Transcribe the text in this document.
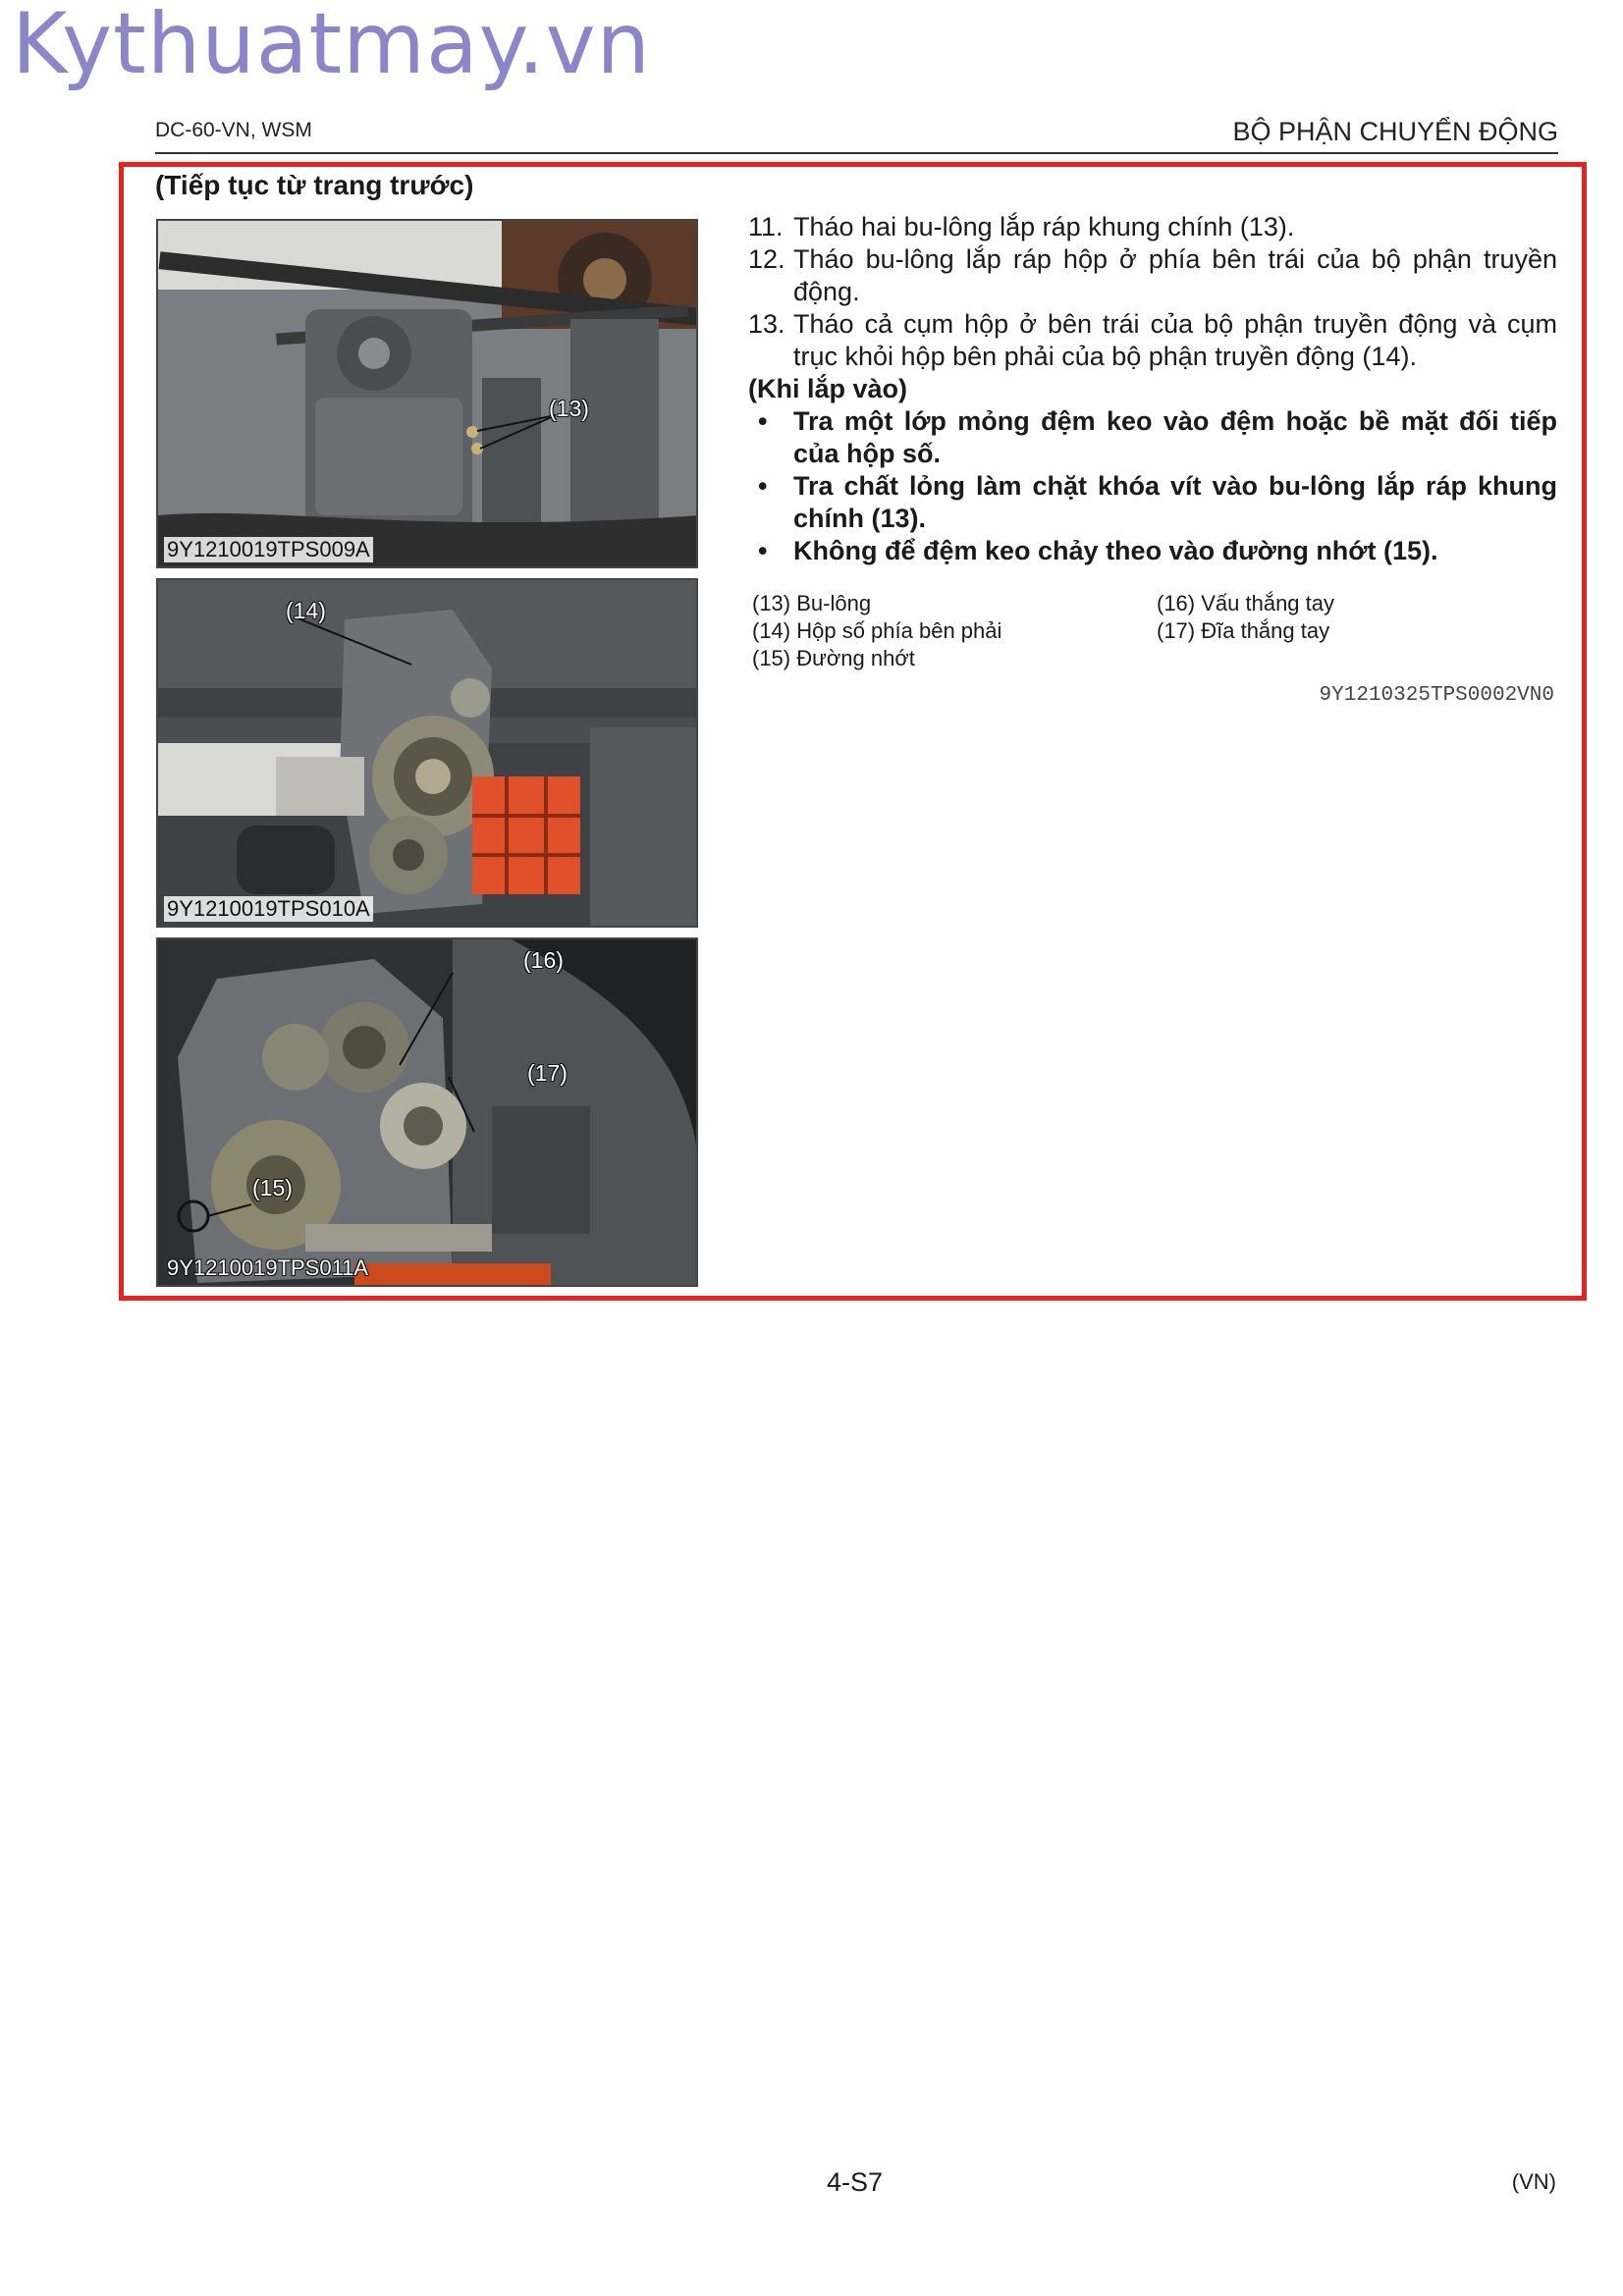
Kythuatmay.vn
DC-60-VN, WSM	BỘ PHẬN CHUYỂN ĐỘNG
(Tiếp tục từ trang trước)
(13)
9Y1210019TPS009A
(14)
9Y1210019TPS010A
(16)
(17)
(15)
9Y1210019TPS011A
11. Tháo hai bu-lông lắp ráp khung chính (13).
12. Tháo bu-lông lắp ráp hộp ở phía bên trái của bộ phận truyền động.
13. Tháo cả cụm hộp ở bên trái của bộ phận truyền động và cụm trục khỏi hộp bên phải của bộ phận truyền động (14).
(Khi lắp vào)
• Tra một lớp mỏng đệm keo vào đệm hoặc bề mặt đối tiếp của hộp số.
• Tra chất lỏng làm chặt khóa vít vào bu-lông lắp ráp khung chính (13).
• Không để đệm keo chảy theo vào đường nhớt (15).
(13) Bu-lông
(14) Hộp số phía bên phải
(15) Đường nhớt
(16) Vấu thắng tay
(17) Đĩa thắng tay
9Y1210325TPS0002VN0
4-S7	(VN)
